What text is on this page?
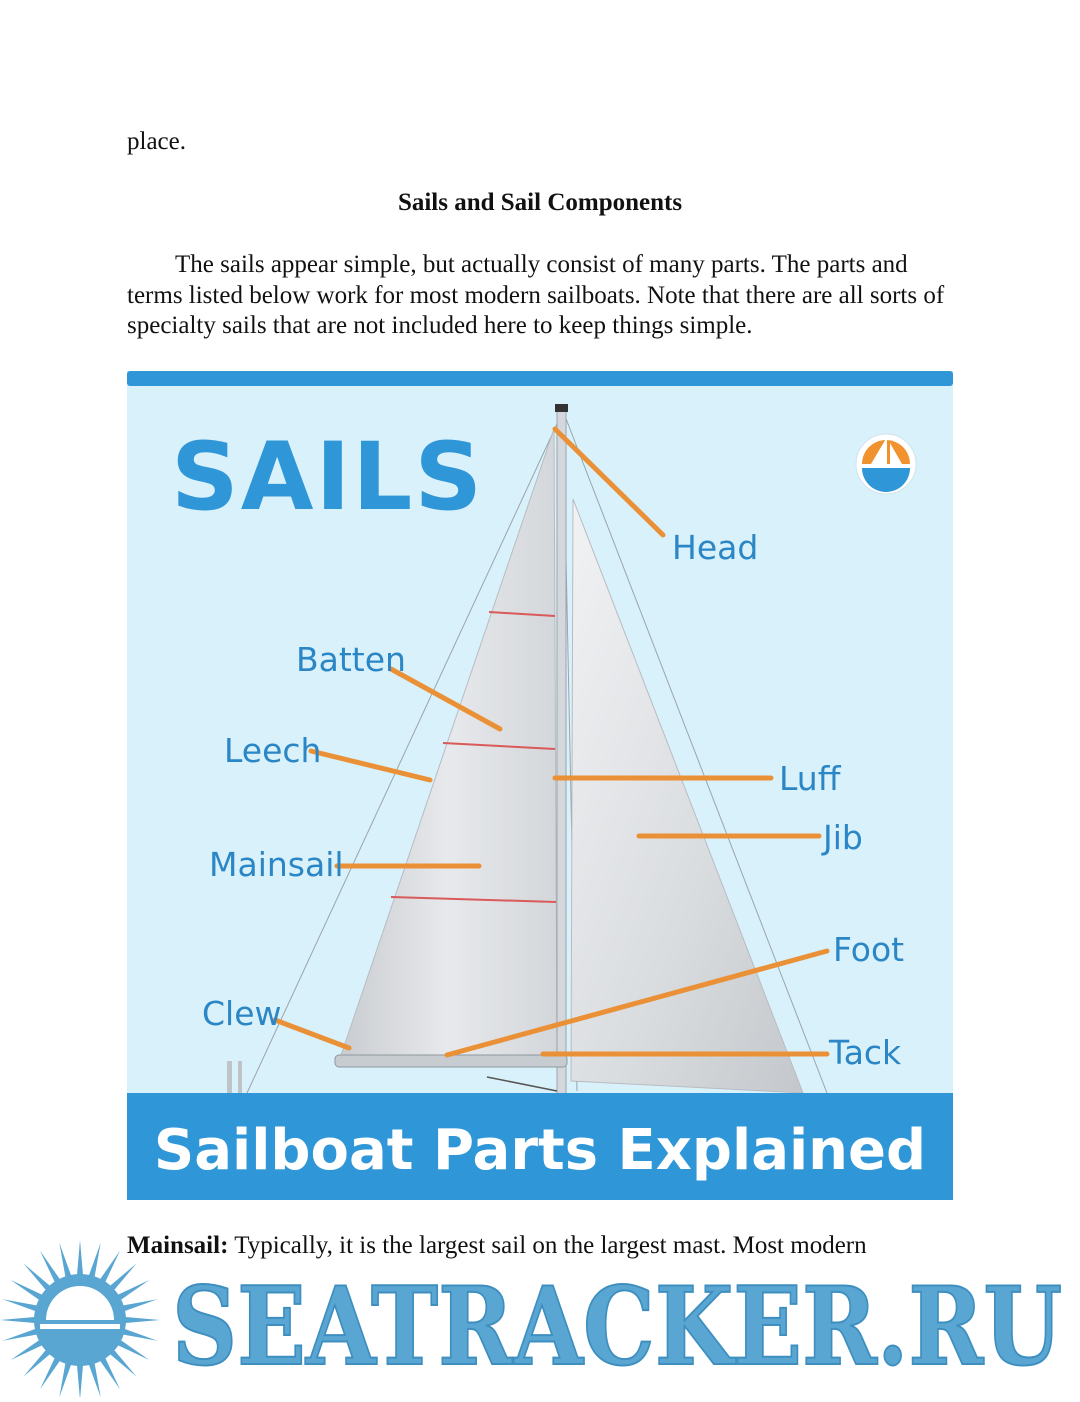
place.
Sails and Sail Components
The sails appear simple, but actually consist of many parts. The parts and terms listed below work for most modern sailboats. Note that there are all sorts of specialty sails that are not included here to keep things simple.
SAILS
Head
Batten
Leech
Luff
Jib
Mainsail
Foot
Clew
Tack
Sailboat Parts Explained
Mainsail: Typically, it is the largest sail on the largest mast. Most modern
SEATRACKER.RU
